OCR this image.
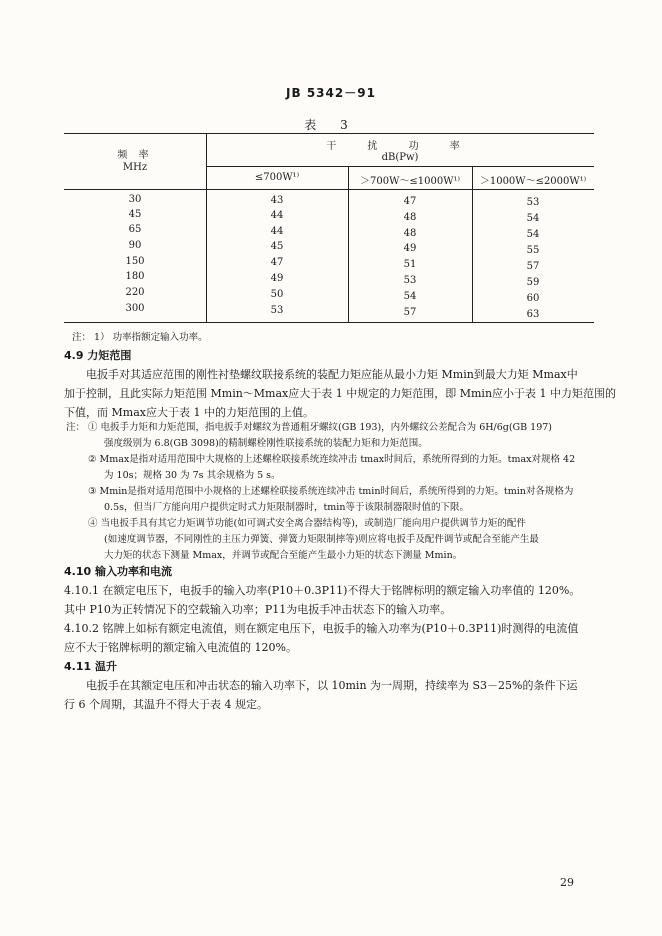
JB 5342－91
表 3
频 率
MHz
干 扰 功 率
dB(Pw)
≤700W¹⁾	＞700W～≤1000W¹⁾	＞1000W～≤2000W¹⁾
30	43	47	53
45	44	48	54
65	44	48	54
90	45	49	55
150	47	51	57
180	49	53	59
220	50	54	60
300	53	57	63
注： 1） 功率指额定输入功率。
4.9 力矩范围
电扳手对其适应范围的刚性衬垫螺纹联接系统的装配力矩应能从最小力矩 Mmin到最大力矩 Mmax中
加于控制，且此实际力矩范围 Mmin～Mmax应大于表 1 中规定的力矩范围，即 Mmin应小于表 1 中力矩范围的
下值，而 Mmax应大于表 1 中的力矩范围的上值。
注： ① 电扳手力矩和力矩范围，指电扳手对螺纹为普通粗牙螺纹(GB 193)，内外螺纹公差配合为 6H/6g(GB 197)
强度级别为 6.8(GB 3098)的精制螺栓刚性联接系统的装配力矩和力矩范围。
② Mmax是指对适用范围中大规格的上述螺栓联接系统连续冲击 tmax时间后，系统所得到的力矩。tmax对规格 42
为 10s；规格 30 为 7s 其余规格为 5 s。
③ Mmin是指对适用范围中小规格的上述螺栓联接系统连续冲击 tmin时间后，系统所得到的力矩。tmin对各规格为
0.5s，但当厂方能向用户提供定时式力矩限制器时，tmin等于该限制器限时值的下限。
④ 当电扳手具有其它力矩调节功能(如可调式安全离合器结构等)，或制造厂能向用户提供调节力矩的配件
(如速度调节器，不同刚性的主压力弹簧、弹簧力矩限制摔等)则应将电扳手及配件调节或配合至能产生最
大力矩的状态下测量 Mmax，并调节或配合至能产生最小力矩的状态下测量 Mmin。
4.10 输入功率和电流
4.10.1 在额定电压下，电扳手的输入功率(P10＋0.3P11)不得大于铭牌标明的额定输入功率值的 120%。
其中 P10为正转情况下的空载输入功率；P11为电扳手冲击状态下的输入功率。
4.10.2 铭牌上如标有额定电流值，则在额定电压下，电扳手的输入功率为(P10＋0.3P11)时测得的电流值
应不大于铭牌标明的额定输入电流值的 120%。
4.11 温升
电扳手在其额定电压和冲击状态的输入功率下，以 10min 为一周期，持续率为 S3－25%的条件下运
行 6 个周期，其温升不得大于表 4 规定。
29
